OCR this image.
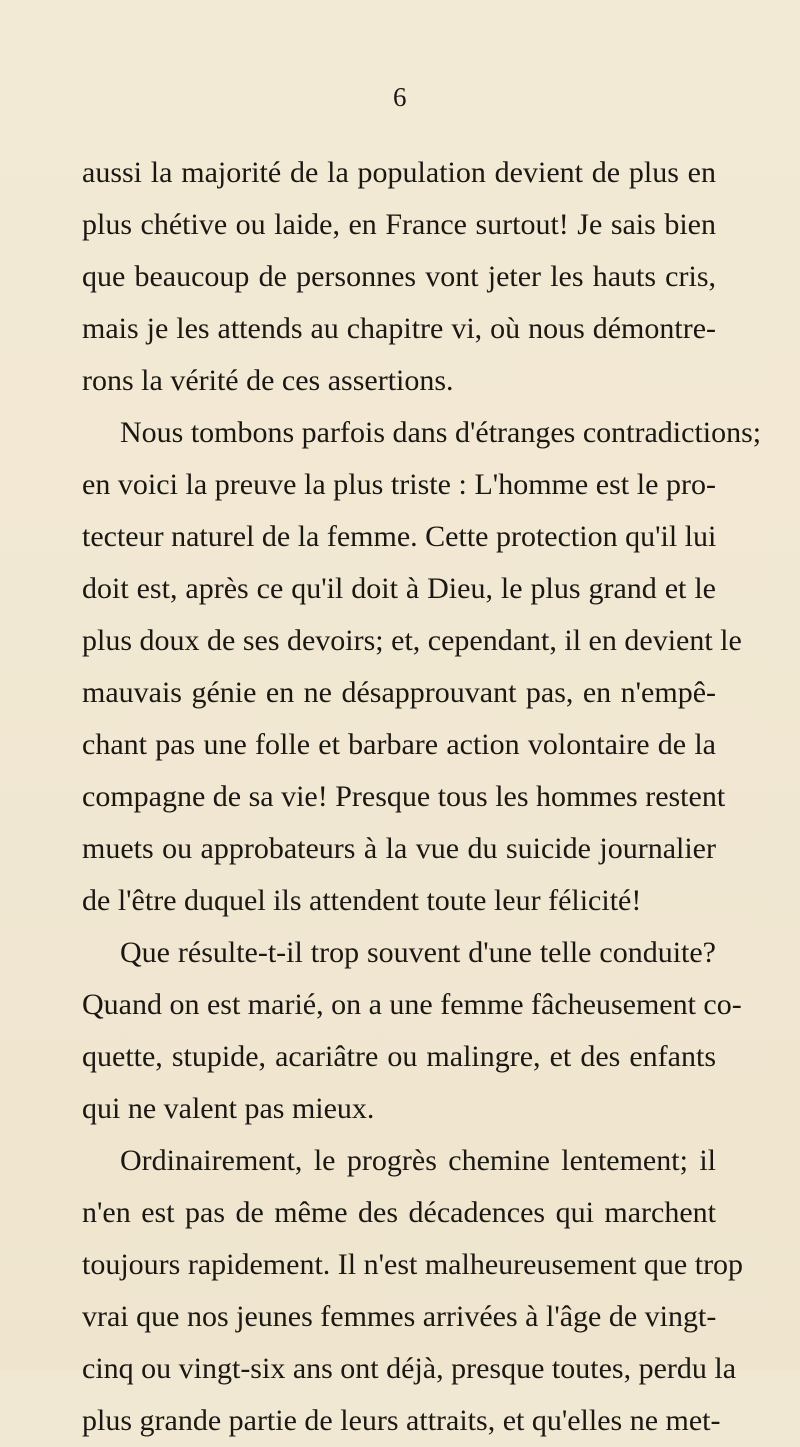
6
aussi la majorité de la population devient de plus en
plus chétive ou laide, en France surtout! Je sais bien
que beaucoup de personnes vont jeter les hauts cris,
mais je les attends au chapitre vi, où nous démontre-
rons la vérité de ces assertions.
Nous tombons parfois dans d'étranges contradictions;
en voici la preuve la plus triste : L'homme est le pro-
tecteur naturel de la femme. Cette protection qu'il lui
doit est, après ce qu'il doit à Dieu, le plus grand et le
plus doux de ses devoirs; et, cependant, il en devient le
mauvais génie en ne désapprouvant pas, en n'empê-
chant pas une folle et barbare action volontaire de la
compagne de sa vie! Presque tous les hommes restent
muets ou approbateurs à la vue du suicide journalier
de l'être duquel ils attendent toute leur félicité!
Que résulte-t-il trop souvent d'une telle conduite?
Quand on est marié, on a une femme fâcheusement co-
quette, stupide, acariâtre ou malingre, et des enfants
qui ne valent pas mieux.
Ordinairement, le progrès chemine lentement; il
n'en est pas de même des décadences qui marchent
toujours rapidement. Il n'est malheureusement que trop
vrai que nos jeunes femmes arrivées à l'âge de vingt-
cinq ou vingt-six ans ont déjà, presque toutes, perdu la
plus grande partie de leurs attraits, et qu'elles ne met-
